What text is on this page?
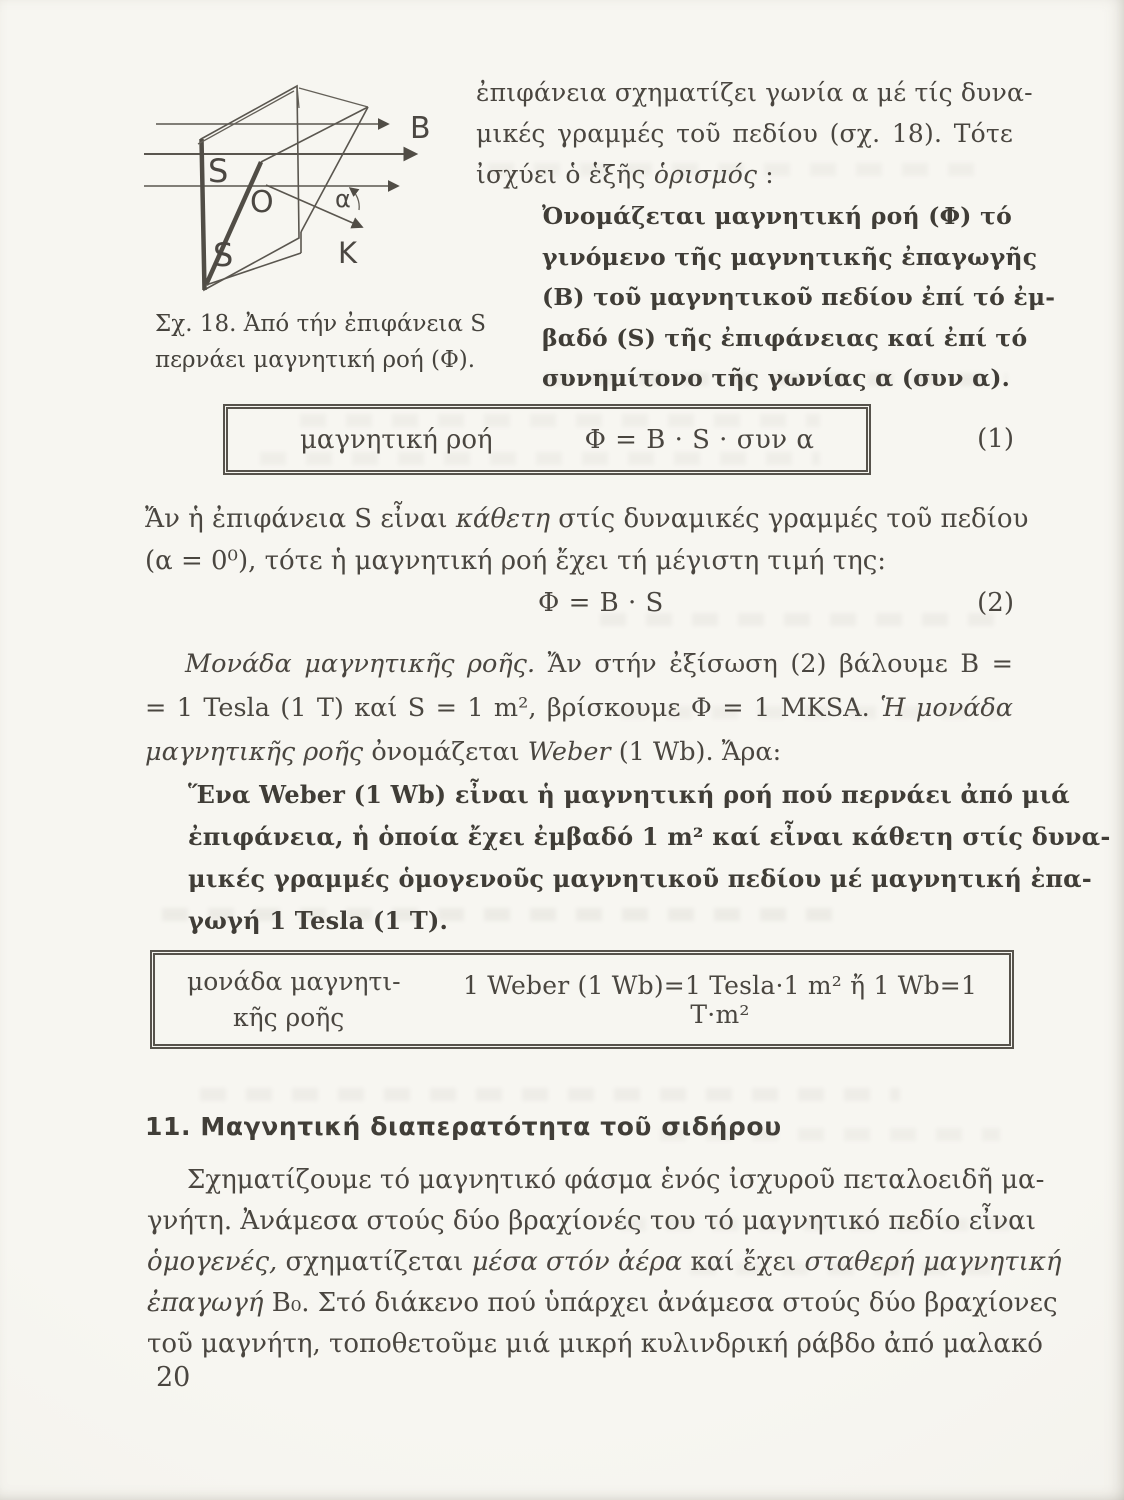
B
S
S
O
K
α
Σχ. 18. Ἀπό τήν ἐπιφάνεια S
περνάει μαγνητική ροή (Φ).
ἐπιφάνεια σχηματίζει γωνία α μέ τίς δυνα-
μικές γραμμές τοῦ πεδίου (σχ. 18). Τότε
ἰσχύει ὁ ἑξῆς ὁρισμός :
Ὀνομάζεται μαγνητική ροή (Φ) τό
γινόμενο τῆς μαγνητικῆς ἐπαγωγῆς
(Β) τοῦ μαγνητικοῦ πεδίου ἐπί τό ἐμ-
βαδό (S) τῆς ἐπιφάνειας καί ἐπί τό
συνημίτονο τῆς γωνίας α (συν α).
μαγνητική ροή	Φ = B · S · συν α	(1)
Ἄν ἡ ἐπιφάνεια S εἶναι κάθετη στίς δυναμικές γραμμές τοῦ πεδίου
(α = 0⁰), τότε ἡ μαγνητική ροή ἔχει τή μέγιστη τιμή της:
Φ = B · S	(2)
Μονάδα μαγνητικῆς ροῆς. Ἄν στήν ἐξίσωση (2) βάλουμε Β =
= 1 Tesla (1 T) καί S = 1 m², βρίσκουμε Φ = 1 MKSA. Ἡ μονάδα
μαγνητικῆς ροῆς ὀνομάζεται Weber (1 Wb). Ἄρα:
Ἕνα Weber (1 Wb) εἶναι ἡ μαγνητική ροή πού περνάει ἀπό μιά
ἐπιφάνεια, ἡ ὁποία ἔχει ἐμβαδό 1 m² καί εἶναι κάθετη στίς δυνα-
μικές γραμμές ὁμογενοῦς μαγνητικοῦ πεδίου μέ μαγνητική ἐπα-
γωγή 1 Tesla (1 T).
μονάδα μαγνητι-
κῆς ροῆς
1 Weber (1 Wb)=1 Tesla·1 m² ἤ 1 Wb=1 T·m²
11. Μαγνητική διαπερατότητα τοῦ σιδήρου
Σχηματίζουμε τό μαγνητικό φάσμα ἑνός ἰσχυροῦ πεταλοειδῆ μα-
γνήτη. Ἀνάμεσα στούς δύο βραχίονές του τό μαγνητικό πεδίο εἶναι
ὁμογενές, σχηματίζεται μέσα στόν ἀέρα καί ἔχει σταθερή μαγνητική
ἐπαγωγή Β₀. Στό διάκενο πού ὑπάρχει ἀνάμεσα στούς δύο βραχίονες
τοῦ μαγνήτη, τοποθετοῦμε μιά μικρή κυλινδρική ράβδο ἀπό μαλακό
20
